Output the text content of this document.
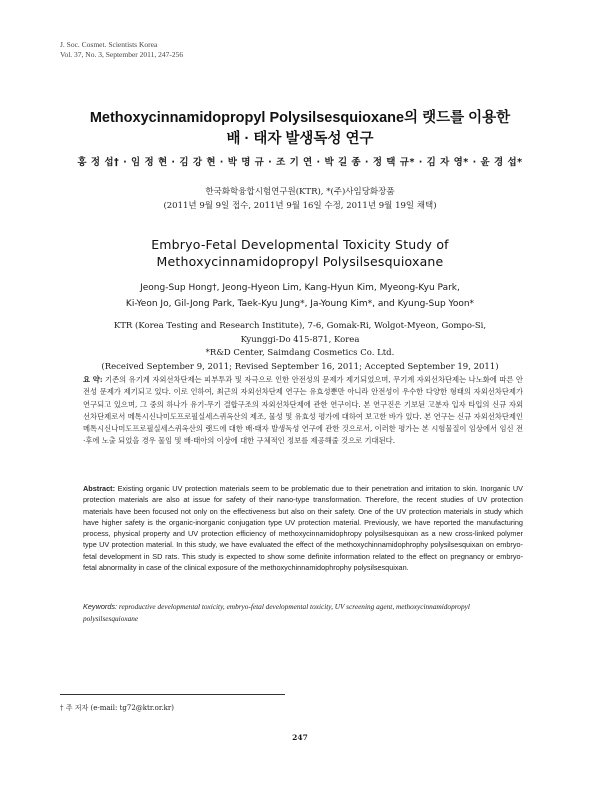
J. Soc. Cosmet. Scientists Korea
Vol. 37, No. 3, September 2011, 247-256
Methoxycinnamidopropyl Polysilsesquioxane의 랫드를 이용한
배 · 태자 발생독성 연구
홍 정 섭† · 임 정 현 · 김 강 현 · 박 명 규 · 조 기 연 · 박 길 종 · 정 택 규* · 김 자 영* · 윤 경 섭*
한국화학융합시험연구원(KTR), *(주)사임당화장품
(2011년 9월 9일 접수, 2011년 9월 16일 수정, 2011년 9월 19일 채택)
Embryo-Fetal Developmental Toxicity Study of
Methoxycinnamidopropyl Polysilsesquioxane
Jeong-Sup Hong†, Jeong-Hyeon Lim, Kang-Hyun Kim, Myeong-Kyu Park,
Ki-Yeon Jo, Gil-Jong Park, Taek-Kyu Jung*, Ja-Young Kim*, and Kyung-Sup Yoon*
KTR (Korea Testing and Research Institute), 7-6, Gomak-Ri, Wolgot-Myeon, Gompo-Si,
Kyunggi-Do 415-871, Korea
*R&D Center, Saimdang Cosmetics Co. Ltd.
(Received September 9, 2011; Revised September 16, 2011; Accepted September 19, 2011)
요 약: 기존의 유기계 자외선차단제는 피부투과 및 자극으로 인한 안전성의 문제가 제기되었으며, 무기계 자외선차단제는 나노화에 따른 안전성 문제가 제기되고 있다. 이로 인하여, 최근의 자외선차단제 연구는 유효성뿐만 아니라 안전성이 우수한 다양한 형태의 자외선차단제가 연구되고 있으며, 그 중의 하나가 유기-무기 결합구조의 자외선차단제에 관한 연구이다. 본 연구진은 기보된 고분자 입자 타입의 신규 자외선차단제로서 메톡시신나미도프로필실세스퀴옥산의 제조, 물성 및 유효성 평가에 대하여 보고한 바가 있다. 본 연구는 신규 자외선차단제인 메톡시신나미도프로필실세스퀴옥산의 랫드에 대한 배·태자 발생독성 연구에 관한 것으로서, 이러한 평가는 본 시험물질이 임상에서 임신 전·후에 노출 되었을 경우 물임 및 배·태아의 이상에 대한 구체적인 정보를 제공해줄 것으로 기대된다.
Abstract: Existing organic UV protection materials seem to be problematic due to their penetration and irritation to skin. Inorganic UV protection materials are also at issue for safety of their nano-type transformation. Therefore, the recent studies of UV protection materials have been focused not only on the effectiveness but also on their safety. One of the UV protection materials in study which have higher safety is the organic-inorganic conjugation type UV protection material. Previously, we have reported the manufacturing process, physical property and UV protection efficiency of methoxycinnamidophropy polysilsesquixan as a new cross-linked polymer type UV protection material. In this study, we have evaluated the effect of the methoxychinnamidophrophy polysilsesquixan on embryo-fetal development in SD rats. This study is expected to show some definite information related to the effect on pregnancy or embryo-fetal abnormality in case of the clinical exposure of the methoxychinnamidophrophy polysilsesquixan.
Keywords: reproductive developmental toxicity, embryo-fetal developmental toxicity, UV screening agent, methoxycinnamidopropyl polysilsesquioxane
† 주 저자 (e-mail: tg72@ktr.or.kr)
247
